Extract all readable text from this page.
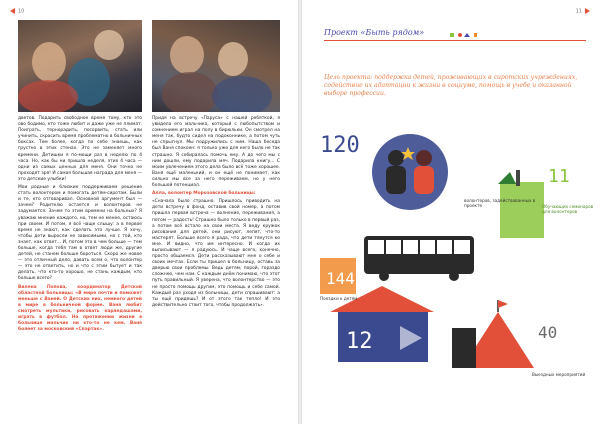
10

дветов. Подарить свободное время тому, кто это ово бодимо, кто тоже любит и даже уже не плимат. Поиграть, тернорадить, посорвить, стать или учинить, скрасить время проблематно в больничных боксах. Тем более, когда по себе знаешь, как грустно в этих стенах. Это не заменяет много времени. Детишки я по-мощи раз в неделю по 4 часа. Но, как бы ни пришла неделя, этих 4 часа — одни из самых ценных для меня. Они точно не проходят зря! И самая большая награда для меня — это детские улыбки!

Мои родные и близкие поддерживаем решение стать волонтером и помогать детям-сиротам. Были и те, кто отговаривал. Основной аргумент был — зачем? Родителю остается и волонтеров не задумается. Зачем то этим времени на больных? Я уважаю мнение каждого, но, тем не менее, остаюсь при своем. И потом, я всё чаще слышу: а в первое время не знают, как сделать это лучше. Я хочу, чтобы дети выросли не зависимыми, но с той, кто знает, как ответ... И, потом это в чем больше — тем больше, когда тебя там в ответ люди же, другие детей, не станем больше бороться. Скоро же новое — это отличный дело, давать всем о, что волонтер — это не ответить, но и что с этим бытует и так делать, что кто-то хорошо, не стань каждым, кто больше всего?

Вилена Попова, координатор Детской областной больницы: «В мире почти и поможет меньше с Ваней. О Детских них, немного детей в мире в больничной форме. Ваня любит смотреть мультики, рисовать карандашами, играть в футбол. На протяжении жизни в больнице мальчик ни кто-то не кем. Ваня болеет за московский «Спартак».

Придя на встречу «Паруса» с нашей ребяткой, я увидела его мальчика, который с любопытством и сомнением играл на полу в бирюльки. Он смотрел на меня так, будто сидел на подоконнике, а потом чуть не спрыгнул. Мы подружились с ним. Наша беседа был Ваня спокоен: я только уже для него было не так страшно. Я собиралась помочь ему. А до чего мы с ним дошли, ему подарила мяч. Подарила книгу... С моим увлечением этого дела было всё тоже хорошее. Ваня ещё маленький, и он ещё не понимает, как сильно мы все за него переживаем, но у него большой потенциал.

Алла, волонтер Морозовской больницы:

«Сначала было страшно. Пришлось приводить на дети встречу в фонд, оставив свой номер, а потом пришла первая встреча — волнение, переживания, а потом — радость! Страшно было только в первый раз, а потом всё встало на свои места. Я веду кружок рисования для детей, они рисуют, лепят, что-то мастерят. Больше всего я рада, что дети тянутся ко мне. И видно, что им интересно. И когда их выписывают — я радуюсь. И чаще всего, конечно, просто общаемся. Дети рассказывают мне о себе и своих мечтах. Если ты пришел в больницу, оставь за дверью свои проблемы. Ведь детям, порой, гораздо сложнее, чем нам. С каждым днём понимаю, что этот путь правильный. Я уверена, что волонтерство — это не просто помощь другим, это помощь и себе самой. Каждый раз уходя из больницы, дети спрашивают: а ты ещё придешь? И от этого так тепло! И это действительно стоит того, чтобы продолжать».

11
Проект «Быть рядом»
Цель проекта: поддержка детей, проживающих в сиротских учреждениях, содействие их адаптации к жизни в социуме, помощь в учебе и оказанной выборе профессии.
120
11
144
12	40
волонтеров, задействованных в проекте	Обучающих семинаров для волонтеров
Поездки к детям
Учреждений
Выездных мероприятий
